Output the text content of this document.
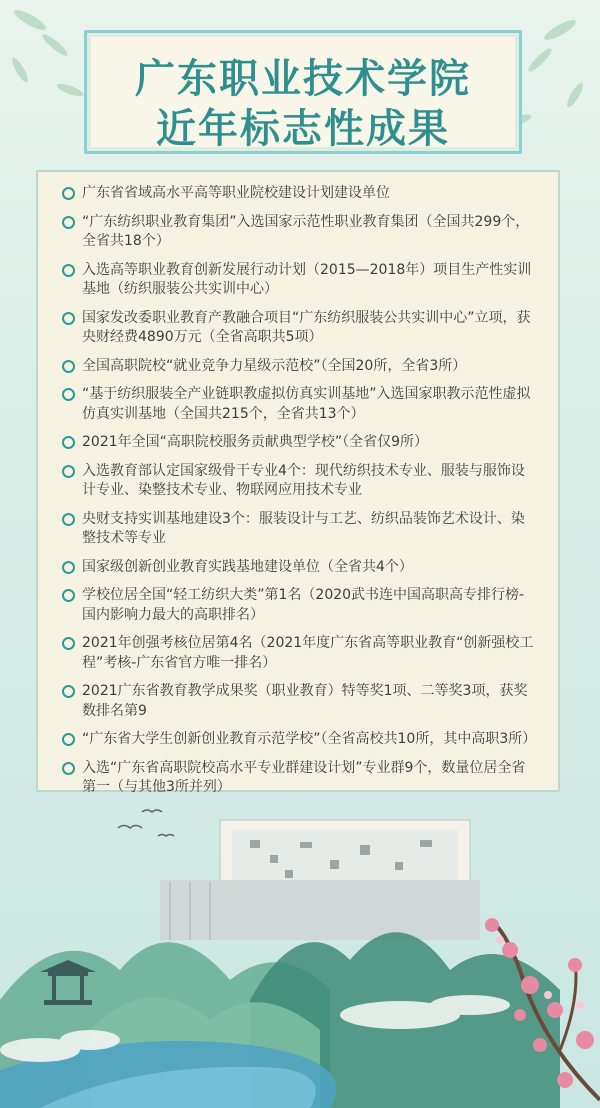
广东职业技术学院
近年标志性成果
广东省省域高水平高等职业院校建设计划建设单位
“广东纺织职业教育集团”入选国家示范性职业教育集团（全国共299个，全省共18个）
入选高等职业教育创新发展行动计划（2015—2018年）项目生产性实训基地（纺织服装公共实训中心）
国家发改委职业教育产教融合项目“广东纺织服装公共实训中心”立项，获央财经费4890万元（全省高职共5项）
全国高职院校“就业竞争力星级示范校”（全国20所，全省3所）
“基于纺织服装全产业链职教虚拟仿真实训基地”入选国家职教示范性虚拟仿真实训基地（全国共215个，全省共13个）
2021年全国“高职院校服务贡献典型学校”（全省仅9所）
入选教育部认定国家级骨干专业4个：现代纺织技术专业、服装与服饰设计专业、染整技术专业、物联网应用技术专业
央财支持实训基地建设3个：服装设计与工艺、纺织品装饰艺术设计、染整技术等专业
国家级创新创业教育实践基地建设单位（全省共4个）
学校位居全国“轻工纺织大类”第1名（2020武书连中国高职高专排行榜-国内影响力最大的高职排名）
2021年创强考核位居第4名（2021年度广东省高等职业教育“创新强校工程”考核-广东省官方唯一排名）
2021广东省教育教学成果奖（职业教育）特等奖1项、二等奖3项，获奖数排名第9
“广东省大学生创新创业教育示范学校”（全省高校共10所，其中高职3所）
入选“广东省高职院校高水平专业群建设计划”专业群9个，数量位居全省第一（与其他3所并列）
